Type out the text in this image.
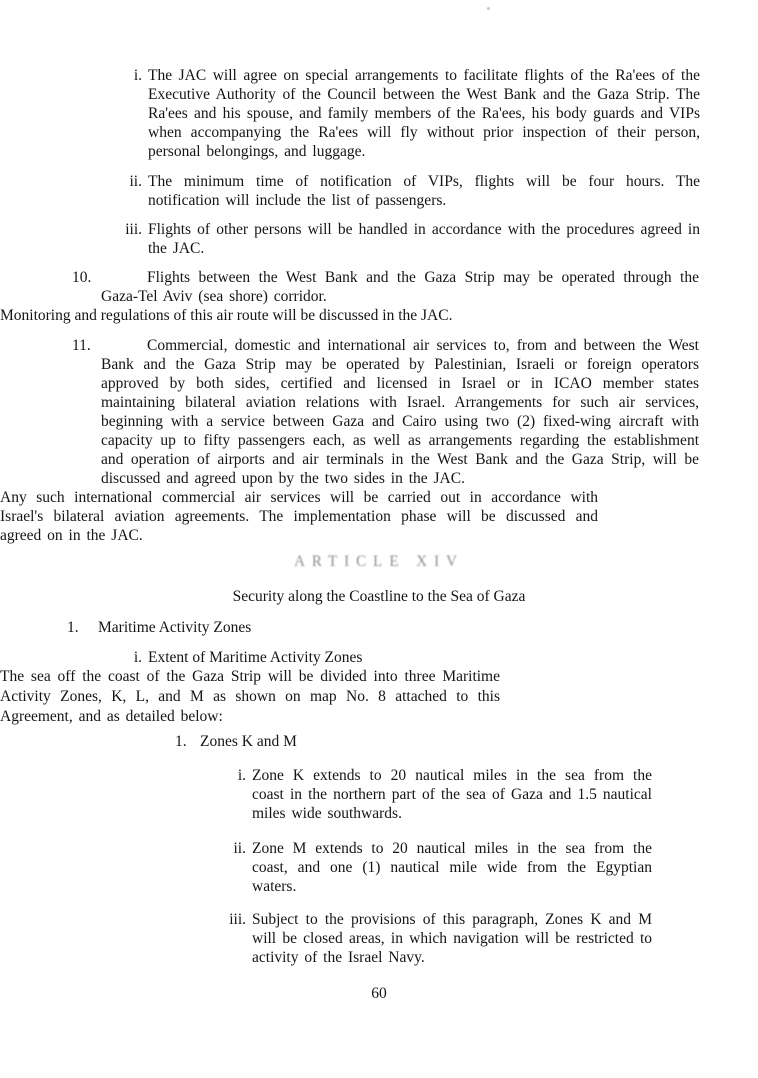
i. The JAC will agree on special arrangements to facilitate flights of the Ra'ees of the Executive Authority of the Council between the West Bank and the Gaza Strip. The Ra'ees and his spouse, and family members of the Ra'ees, his body guards and VIPs when accompanying the Ra'ees will fly without prior inspection of their person, personal belongings, and luggage.

ii. The minimum time of notification of VIPs, flights will be four hours. The notification will include the list of passengers.

iii. Flights of other persons will be handled in accordance with the procedures agreed in the JAC.

10.	Flights between the West Bank and the Gaza Strip may be operated through the Gaza-Tel Aviv (sea shore) corridor.

Monitoring and regulations of this air route will be discussed in the JAC.

11.	Commercial, domestic and international air services to, from and between the West Bank and the Gaza Strip may be operated by Palestinian, Israeli or foreign operators approved by both sides, certified and licensed in Israel or in ICAO member states maintaining bilateral aviation relations with Israel. Arrangements for such air services, beginning with a service between Gaza and Cairo using two (2) fixed-wing aircraft with capacity up to fifty passengers each, as well as arrangements regarding the establishment and operation of airports and air terminals in the West Bank and the Gaza Strip, will be discussed and agreed upon by the two sides in the JAC.

Any such international commercial air services will be carried out in accordance with Israel's bilateral aviation agreements. The implementation phase will be discussed and agreed on in the JAC.

ARTICLE XIV
Security along the Coastline to the Sea of Gaza
1. Maritime Activity Zones
i. Extent of Maritime Activity Zones

The sea off the coast of the Gaza Strip will be divided into three Maritime Activity Zones, K, L, and M as shown on map No. 8 attached to this Agreement, and as detailed below:

1. Zones K and M
i. Zone K extends to 20 nautical miles in the sea from the coast in the northern part of the sea of Gaza and 1.5 nautical miles wide southwards.

ii. Zone M extends to 20 nautical miles in the sea from the coast, and one (1) nautical mile wide from the Egyptian waters.

iii. Subject to the provisions of this paragraph, Zones K and M will be closed areas, in which navigation will be restricted to activity of the Israel Navy.

60
